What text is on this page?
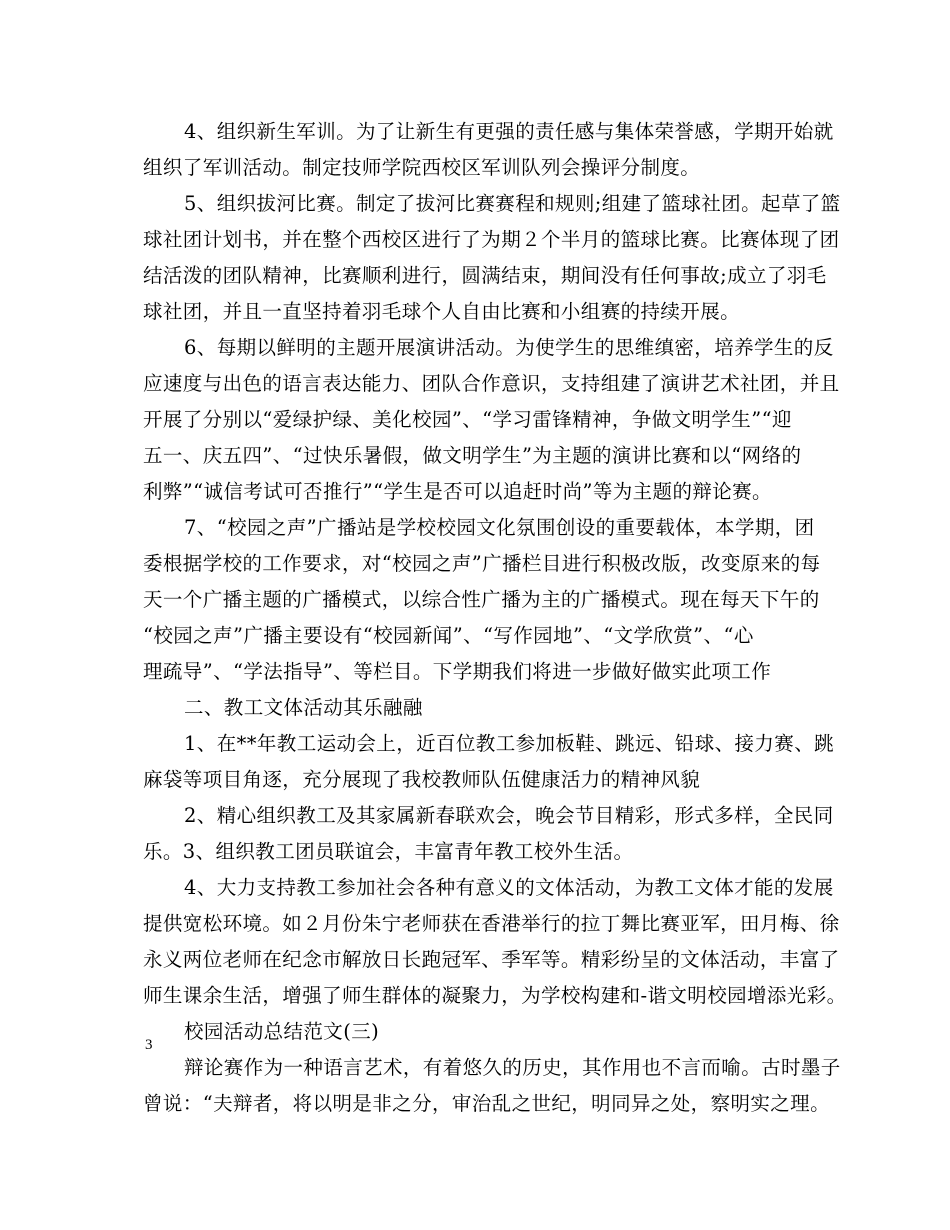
4、组织新生军训。为了让新生有更强的责任感与集体荣誉感，学期开始就
组织了军训活动。制定技师学院西校区军训队列会操评分制度。
5、组织拔河比赛。制定了拔河比赛赛程和规则;组建了篮球社团。起草了篮
球社团计划书，并在整个西校区进行了为期２个半月的篮球比赛。比赛体现了团
结活泼的团队精神，比赛顺利进行，圆满结束，期间没有任何事故;成立了羽毛
球社团，并且一直坚持着羽毛球个人自由比赛和小组赛的持续开展。
6、每期以鲜明的主题开展演讲活动。为使学生的思维缜密，培养学生的反
应速度与出色的语言表达能力、团队合作意识，支持组建了演讲艺术社团，并且
开展了分别以“爱绿护绿、美化校园”、“学习雷锋精神，争做文明学生”“迎
五一、庆五四”、“过快乐暑假，做文明学生”为主题的演讲比赛和以“网络的
利弊”“诚信考试可否推行”“学生是否可以追赶时尚”等为主题的辩论赛。
7、“校园之声”广播站是学校校园文化氛围创设的重要载体，本学期，团
委根据学校的工作要求，对“校园之声”广播栏目进行积极改版，改变原来的每
天一个广播主题的广播模式，以综合性广播为主的广播模式。现在每天下午的
“校园之声”广播主要设有“校园新闻”、“写作园地”、“文学欣赏”、“心
理疏导”、“学法指导”、等栏目。下学期我们将进一步做好做实此项工作
二、教工文体活动其乐融融
1、在**年教工运动会上，近百位教工参加板鞋、跳远、铅球、接力赛、跳
麻袋等项目角逐，充分展现了我校教师队伍健康活力的精神风貌
2、精心组织教工及其家属新春联欢会，晚会节目精彩，形式多样，全民同
乐。3、组织教工团员联谊会，丰富青年教工校外生活。
4、大力支持教工参加社会各种有意义的文体活动，为教工文体才能的发展
提供宽松环境。如２月份朱宁老师获在香港举行的拉丁舞比赛亚军，田月梅、徐
永义两位老师在纪念市解放日长跑冠军、季军等。精彩纷呈的文体活动，丰富了
师生课余生活，增强了师生群体的凝聚力，为学校构建和-谐文明校园增添光彩。
校园活动总结范文(三)
辩论赛作为一种语言艺术，有着悠久的历史，其作用也不言而喻。古时墨子
曾说：“夫辩者，将以明是非之分，审治乱之世纪，明同异之处，察明实之理。
3
